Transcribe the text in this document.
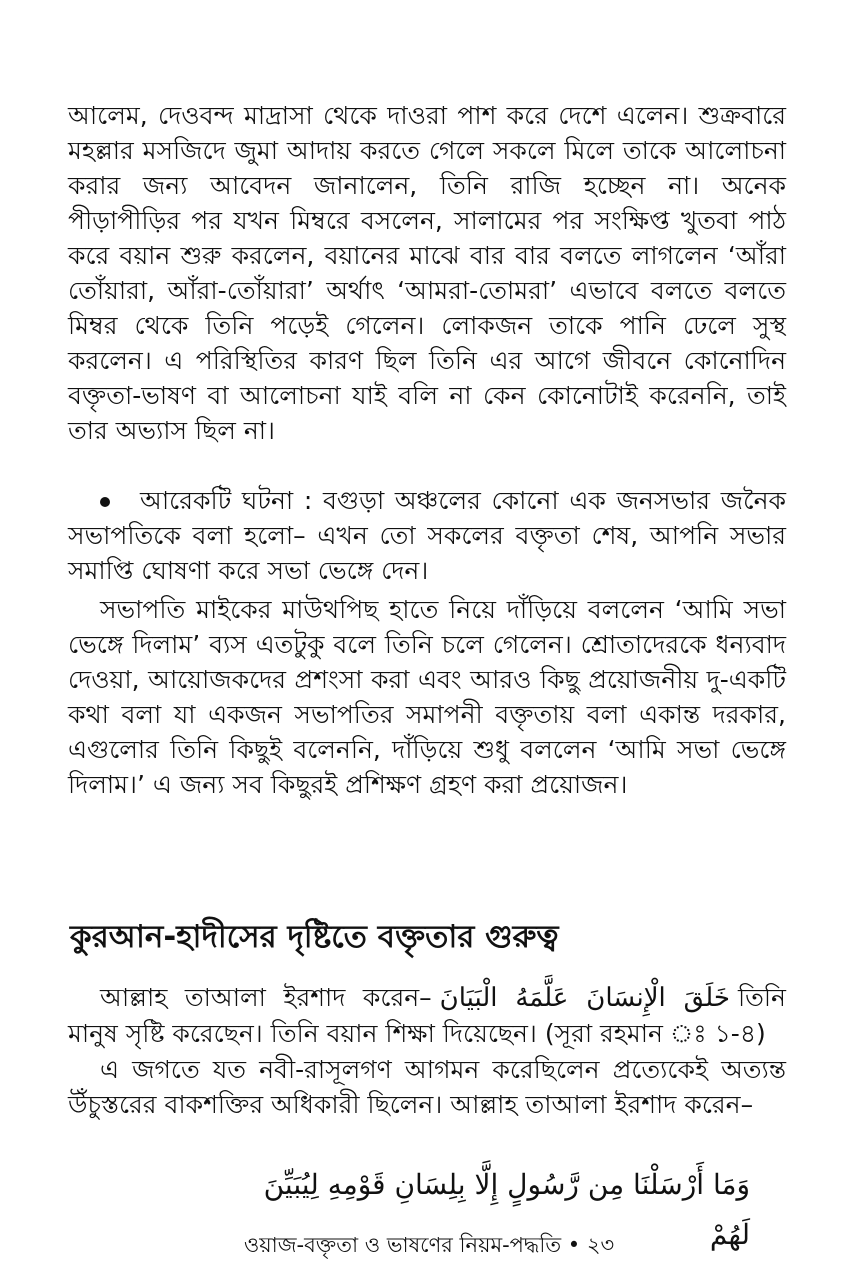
আলেম, দেওবন্দ মাদ্রাসা থেকে দাওরা পাশ করে দেশে এলেন। শুক্রবারে মহল্লার মসজিদে জুমা আদায় করতে গেলে সকলে মিলে তাকে আলোচনা করার জন্য আবেদন জানালেন, তিনি রাজি হচ্ছেন না। অনেক পীড়াপীড়ির পর যখন মিম্বরে বসলেন, সালামের পর সংক্ষিপ্ত খুতবা পাঠ করে বয়ান শুরু করলেন, বয়ানের মাঝে বার বার বলতে লাগলেন ‘আঁরা তোঁয়ারা, আঁরা-তোঁয়ারা’ অর্থাৎ ‘আমরা-তোমরা’ এভাবে বলতে বলতে মিম্বর থেকে তিনি পড়েই গেলেন। লোকজন তাকে পানি ঢেলে সুস্থ করলেন। এ পরিস্থিতির কারণ ছিল তিনি এর আগে জীবনে কোনোদিন বক্তৃতা-ভাষণ বা আলোচনা যাই বলি না কেন কোনোটাই করেননি, তাই তার অভ্যাস ছিল না।

আরেকটি ঘটনা : বগুড়া অঞ্চলের কোনো এক জনসভার জনৈক সভাপতিকে বলা হলো– এখন তো সকলের বক্তৃতা শেষ, আপনি সভার সমাপ্তি ঘোষণা করে সভা ভেঙ্গে দেন।

সভাপতি মাইকের মাউথপিছ হাতে নিয়ে দাঁড়িয়ে বললেন ‘আমি সভা ভেঙ্গে দিলাম’ ব্যস এতটুকু বলে তিনি চলে গেলেন। শ্রোতাদেরকে ধন্যবাদ দেওয়া, আয়োজকদের প্রশংসা করা এবং আরও কিছু প্রয়োজনীয় দু-একটি কথা বলা যা একজন সভাপতির সমাপনী বক্তৃতায় বলা একান্ত দরকার, এগুলোর তিনি কিছুই বলেননি, দাঁড়িয়ে শুধু বললেন ‘আমি সভা ভেঙ্গে দিলাম।’ এ জন্য সব কিছুরই প্রশিক্ষণ গ্রহণ করা প্রয়োজন।

কুরআন-হাদীসের দৃষ্টিতে বক্তৃতার গুরুত্ব

আল্লাহ তাআলা ইরশাদ করেন– خَلَقَ الْإِنسَانَ عَلَّمَهُ الْبَيَانَ তিনি মানুষ সৃষ্টি করেছেন। তিনি বয়ান শিক্ষা দিয়েছেন। (সূরা রহমান ঃ ১-৪)

এ জগতে যত নবী-রাসূলগণ আগমন করেছিলেন প্রত্যেকেই অত্যন্ত উঁচুস্তরের বাকশক্তির অধিকারী ছিলেন। আল্লাহ তাআলা ইরশাদ করেন–

وَمَا أَرْسَلْنَا مِن رَّسُولٍ إِلَّا بِلِسَانِ قَوْمِهِ لِيُبَيِّنَ لَهُمْ

ওয়াজ-বক্তৃতা ও ভাষণের নিয়ম-পদ্ধতি • ২৩
